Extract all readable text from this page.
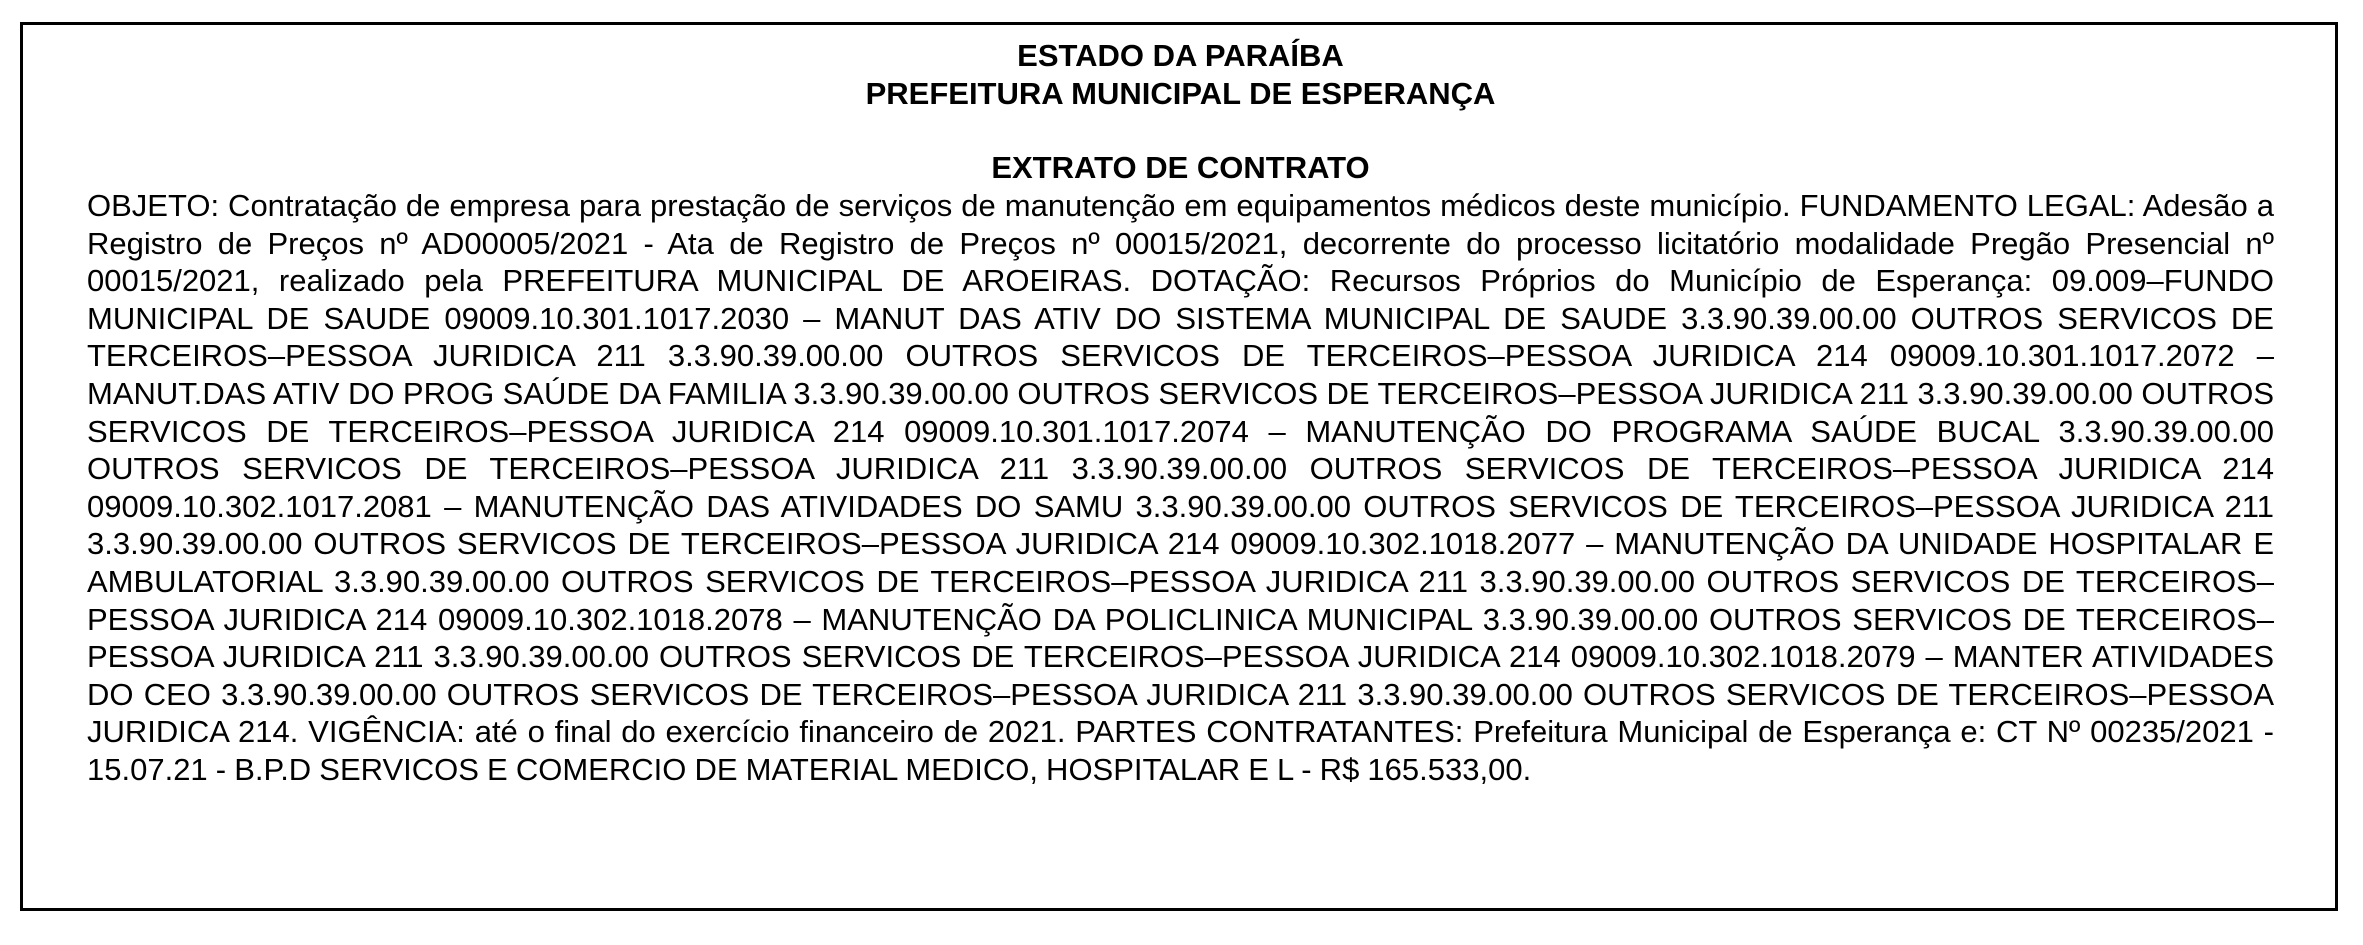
ESTADO DA PARAÍBA

PREFEITURA MUNICIPAL DE ESPERANÇA

EXTRATO DE CONTRATO

OBJETO: Contratação de empresa para prestação de serviços de manutenção em equipamentos médicos deste município. FUNDAMENTO LEGAL: Adesão a Registro de Preços nº AD00005/2021 - Ata de Registro de Preços nº 00015/2021, decorrente do processo licitatório modalidade Pregão Presencial nº 00015/2021, realizado pela PREFEITURA MUNICIPAL DE AROEIRAS. DOTAÇÃO: Recursos Próprios do Município de Esperança: 09.009–FUNDO MUNICIPAL DE SAUDE 09009.10.301.1017.2030 – MANUT DAS ATIV DO SISTEMA MUNICIPAL DE SAUDE 3.3.90.39.00.00 OUTROS SERVICOS DE TERCEIROS–PESSOA JURIDICA 211 3.3.90.39.00.00 OUTROS SERVICOS DE TERCEIROS–PESSOA JURIDICA 214 09009.10.301.1017.2072 – MANUT.DAS ATIV DO PROG SAÚDE DA FAMILIA 3.3.90.39.00.00 OUTROS SERVICOS DE TERCEIROS–PESSOA JURIDICA 211 3.3.90.39.00.00 OUTROS SERVICOS DE TERCEIROS–PESSOA JURIDICA 214 09009.10.301.1017.2074 – MANUTENÇÃO DO PROGRAMA SAÚDE BUCAL 3.3.90.39.00.00 OUTROS SERVICOS DE TERCEIROS–PESSOA JURIDICA 211 3.3.90.39.00.00 OUTROS SERVICOS DE TERCEIROS–PESSOA JURIDICA 214 09009.10.302.1017.2081 – MANUTENÇÃO DAS ATIVIDADES DO SAMU 3.3.90.39.00.00 OUTROS SERVICOS DE TERCEIROS–PESSOA JURIDICA 211 3.3.90.39.00.00 OUTROS SERVICOS DE TERCEIROS–PESSOA JURIDICA 214 09009.10.302.1018.2077 – MANUTENÇÃO DA UNIDADE HOSPITALAR E AMBULATORIAL 3.3.90.39.00.00 OUTROS SERVICOS DE TERCEIROS–PESSOA JURIDICA 211 3.3.90.39.00.00 OUTROS SERVICOS DE TERCEIROS–PESSOA JURIDICA 214 09009.10.302.1018.2078 – MANUTENÇÃO DA POLICLINICA MUNICIPAL 3.3.90.39.00.00 OUTROS SERVICOS DE TERCEIROS–PESSOA JURIDICA 211 3.3.90.39.00.00 OUTROS SERVICOS DE TERCEIROS–PESSOA JURIDICA 214 09009.10.302.1018.2079 – MANTER ATIVIDADES DO CEO 3.3.90.39.00.00 OUTROS SERVICOS DE TERCEIROS–PESSOA JURIDICA 211 3.3.90.39.00.00 OUTROS SERVICOS DE TERCEIROS–PESSOA JURIDICA 214. VIGÊNCIA: até o final do exercício financeiro de 2021. PARTES CONTRATANTES: Prefeitura Municipal de Esperança e: CT Nº 00235/2021 - 15.07.21 - B.P.D SERVICOS E COMERCIO DE MATERIAL MEDICO, HOSPITALAR E L - R$ 165.533,00.
